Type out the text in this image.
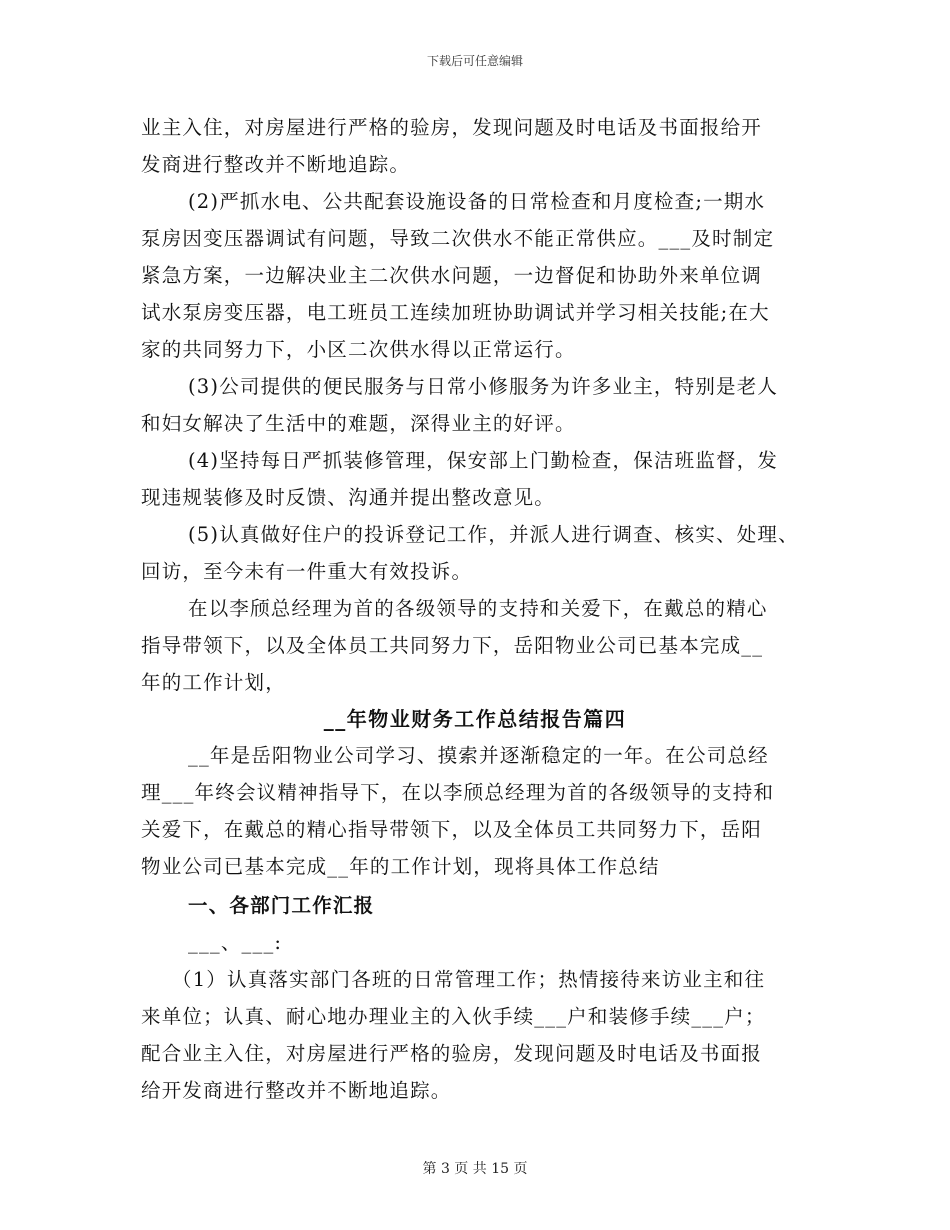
下载后可任意编辑
业主入住，对房屋进行严格的验房，发现问题及时电话及书面报给开
发商进行整改并不断地追踪。
(2)严抓水电、公共配套设施设备的日常检查和月度检查;一期水
泵房因变压器调试有问题，导致二次供水不能正常供应。___及时制定
紧急方案，一边解决业主二次供水问题，一边督促和协助外来单位调
试水泵房变压器，电工班员工连续加班协助调试并学习相关技能;在大
家的共同努力下，小区二次供水得以正常运行。
(3)公司提供的便民服务与日常小修服务为许多业主，特别是老人
和妇女解决了生活中的难题，深得业主的好评。
(4)坚持每日严抓装修管理，保安部上门勤检查，保洁班监督，发
现违规装修及时反馈、沟通并提出整改意见。
(5)认真做好住户的投诉登记工作，并派人进行调查、核实、处理、
回访，至今未有一件重大有效投诉。
在以李颀总经理为首的各级领导的支持和关爱下，在戴总的精心
指导带领下，以及全体员工共同努力下，岳阳物业公司已基本完成__
年的工作计划，
__年物业财务工作总结报告篇四
__年是岳阳物业公司学习、摸索并逐渐稳定的一年。在公司总经
理___年终会议精神指导下，在以李颀总经理为首的各级领导的支持和
关爱下，在戴总的精心指导带领下，以及全体员工共同努力下，岳阳
物业公司已基本完成__年的工作计划，现将具体工作总结
一、各部门工作汇报
___、___:
（1）认真落实部门各班的日常管理工作；热情接待来访业主和往
来单位；认真、耐心地办理业主的入伙手续___户和装修手续___户；
配合业主入住，对房屋进行严格的验房，发现问题及时电话及书面报
给开发商进行整改并不断地追踪。
第 3 页 共 15 页
